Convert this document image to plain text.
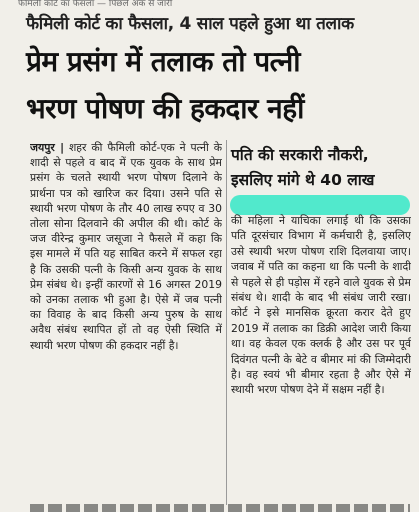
फैमिली कोर्ट का फैसला — पिछले अंक से जारी
फैमिली कोर्ट का फैसला, 4 साल पहले हुआ था तलाक
प्रेम प्रसंग में तलाक तो पत्नी
भरण पोषण की हकदार नहीं
जयपुर | शहर की फैमिली कोर्ट-एक ने पत्नी के शादी से पहले व बाद में एक युवक के साथ प्रेम प्रसंग के चलते स्थायी भरण पोषण दिलाने के प्रार्थना पत्र को खारिज कर दिया। उसने पति से स्थायी भरण पोषण के तौर 40 लाख रुपए व 30 तोला सोना दिलवाने की अपील की थी। कोर्ट के जज वीरेन्द्र कुमार जसूजा ने फैसले में कहा कि इस मामले में पति यह साबित करने में सफल रहा है कि उसकी पत्नी के किसी अन्य युवक के साथ प्रेम संबंध थे। इन्हीं कारणों से 16 अगस्त 2019 को उनका तलाक भी हुआ है। ऐसे में जब पत्नी का विवाह के बाद किसी अन्य पुरुष के साथ अवैध संबंध स्थापित हों तो वह ऐसी स्थिति में स्थायी भरण पोषण की हकदार नहीं है।
पति की सरकारी नौकरी,
इसलिए मांगे थे 40 लाख
की महिला ने याचिका लगाई थी कि उसका पति दूरसंचार विभाग में कर्मचारी है, इसलिए उसे स्थायी भरण पोषण राशि दिलवाया जाए। जवाब में पति का कहना था कि पत्नी के शादी से पहले से ही पड़ोस में रहने वाले युवक से प्रेम संबंध थे। शादी के बाद भी संबंध जारी रखा। कोर्ट ने इसे मानसिक क्रूरता करार देते हुए 2019 में तलाक का डिक्री आदेश जारी किया था। वह केवल एक क्लर्क है और उस पर पूर्व दिवंगत पत्नी के बेटे व बीमार मां की जिम्मेदारी है। वह स्वयं भी बीमार रहता है और ऐसे में स्थायी भरण पोषण देने में सक्षम नहीं है।
